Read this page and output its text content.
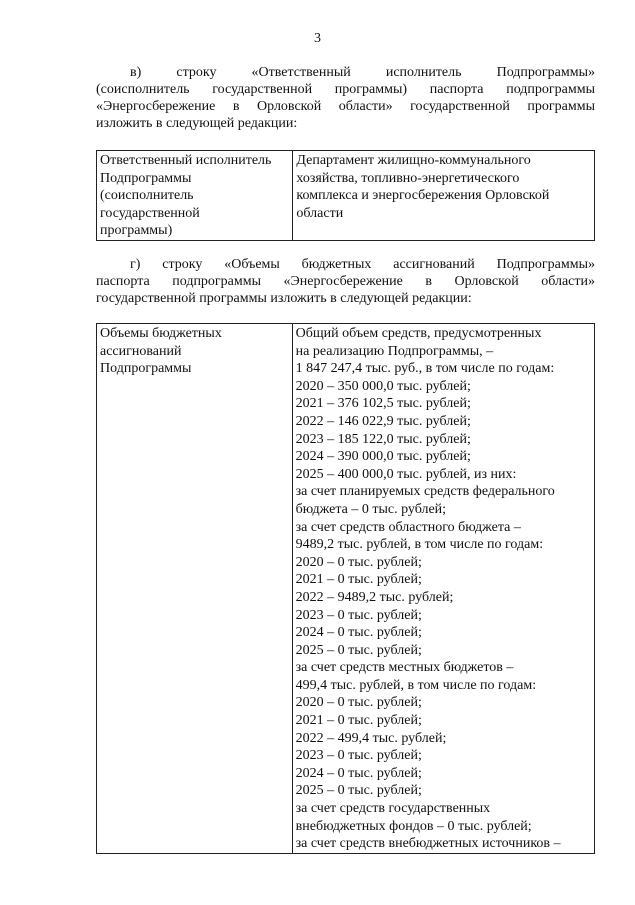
3
в) строку «Ответственный исполнитель Подпрограммы»
(соисполнитель государственной программы) паспорта подпрограммы
«Энергосбережение в Орловской области» государственной программы
изложить в следующей редакции:
Ответственный исполнитель
Подпрограммы
(соисполнитель
государственной
программы)

Департамент жилищно-коммунального
хозяйства, топливно-энергетического
комплекса и энергосбережения Орловской
области
г) строку «Объемы бюджетных ассигнований Подпрограммы»
паспорта подпрограммы «Энергосбережение в Орловской области»
государственной программы изложить в следующей редакции:
Объемы бюджетных
ассигнований
Подпрограммы

Общий объем средств, предусмотренных
на реализацию Подпрограммы, –
1 847 247,4 тыс. руб., в том числе по годам:
2020 – 350 000,0 тыс. рублей;
2021 – 376 102,5 тыс. рублей;
2022 – 146 022,9 тыс. рублей;
2023 – 185 122,0 тыс. рублей;
2024 – 390 000,0 тыс. рублей;
2025 – 400 000,0 тыс. рублей, из них:
за счет планируемых средств федерального
бюджета – 0 тыс. рублей;
за счет средств областного бюджета –
9489,2 тыс. рублей, в том числе по годам:
2020 – 0 тыс. рублей;
2021 – 0 тыс. рублей;
2022 – 9489,2 тыс. рублей;
2023 – 0 тыс. рублей;
2024 – 0 тыс. рублей;
2025 – 0 тыс. рублей;
за счет средств местных бюджетов –
499,4 тыс. рублей, в том числе по годам:
2020 – 0 тыс. рублей;
2021 – 0 тыс. рублей;
2022 – 499,4 тыс. рублей;
2023 – 0 тыс. рублей;
2024 – 0 тыс. рублей;
2025 – 0 тыс. рублей;
за счет средств государственных
внебюджетных фондов – 0 тыс. рублей;
за счет средств внебюджетных источников –
